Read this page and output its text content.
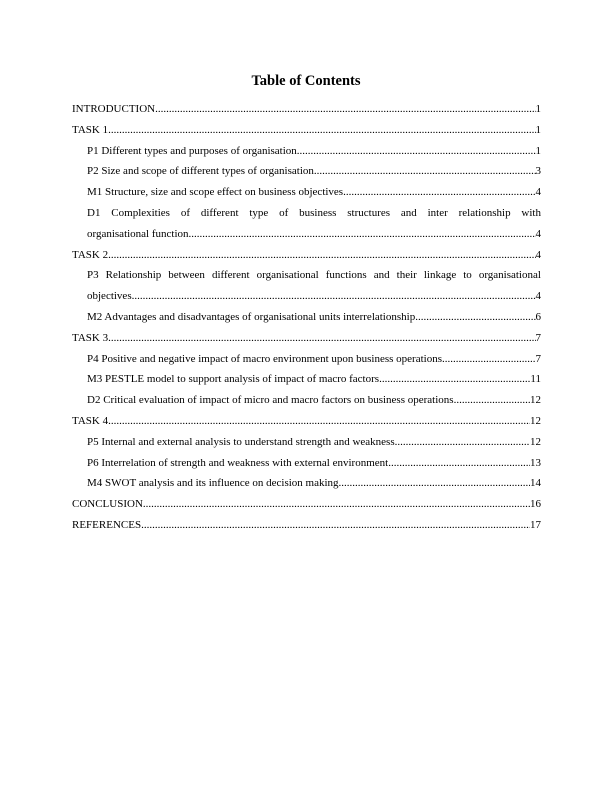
Table of Contents
INTRODUCTION .....	1
TASK 1 .....	1
P1 Different types and purposes of organisation .....	1
P2 Size and scope of different types of organisation .....	3
M1 Structure, size and scope effect on business objectives .....	4
D1 Complexities of different type of business structures and inter relationship with
organisational function .....	4
TASK 2 .....	4
P3 Relationship between different organisational functions and their linkage to organisational
objectives .....	4
M2 Advantages and disadvantages of organisational units interrelationship .....	6
TASK 3 .....	7
P4 Positive and negative impact of macro environment upon business operations .....	7
M3 PESTLE model to support analysis of impact of macro factors .....	11
D2 Critical evaluation of impact of micro and macro factors on business operations .....	12
TASK 4 .....	12
P5 Internal and external analysis to understand strength and weakness .....	12
P6 Interrelation of strength and weakness with external environment .....	13
M4 SWOT analysis and its influence on decision making .....	14
CONCLUSION .....	16
REFERENCES .....	17
